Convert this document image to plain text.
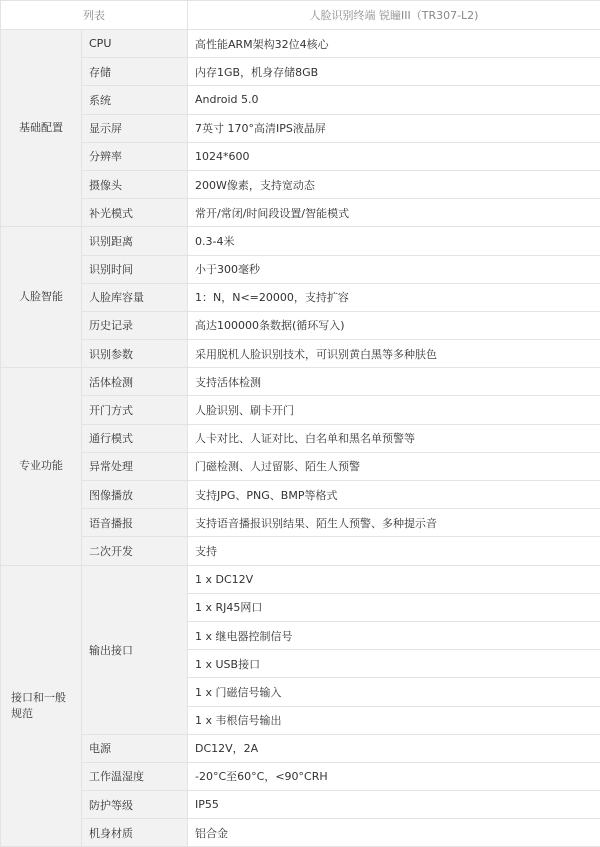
列表		人脸识别终端 锐瞳III（TR307-L2)
基础配置	CPU	高性能ARM架构32位4核心
	存储	内存1GB，机身存储8GB
	系统	Android 5.0
	显示屏	7英寸 170°高清IPS液晶屏
	分辨率	1024*600
	摄像头	200W像素，支持宽动态
	补光模式	常开/常闭/时间段设置/智能模式
人脸智能	识别距离	0.3-4米
	识别时间	小于300毫秒
	人脸库容量	1：N，N<=20000，支持扩容
	历史记录	高达100000条数据(循环写入)
	识别参数	采用脱机人脸识别技术，可识别黄白黑等多种肤色
专业功能	活体检测	支持活体检测
	开门方式	人脸识别、刷卡开门
	通行模式	人卡对比、人证对比、白名单和黑名单预警等
	异常处理	门磁检测、人过留影、陌生人预警
	图像播放	支持JPG、PNG、BMP等格式
	语音播报	支持语音播报识别结果、陌生人预警、多种提示音
	二次开发	支持
接口和一般规范	输出接口	1 x DC12V
		1 x RJ45网口
		1 x 继电器控制信号
		1 x USB接口
		1 x 门磁信号输入
		1 x 韦根信号输出
	电源	DC12V，2A
	工作温湿度	-20°C至60°C，<90°CRH
	防护等级	IP55
	机身材质	铝合金
